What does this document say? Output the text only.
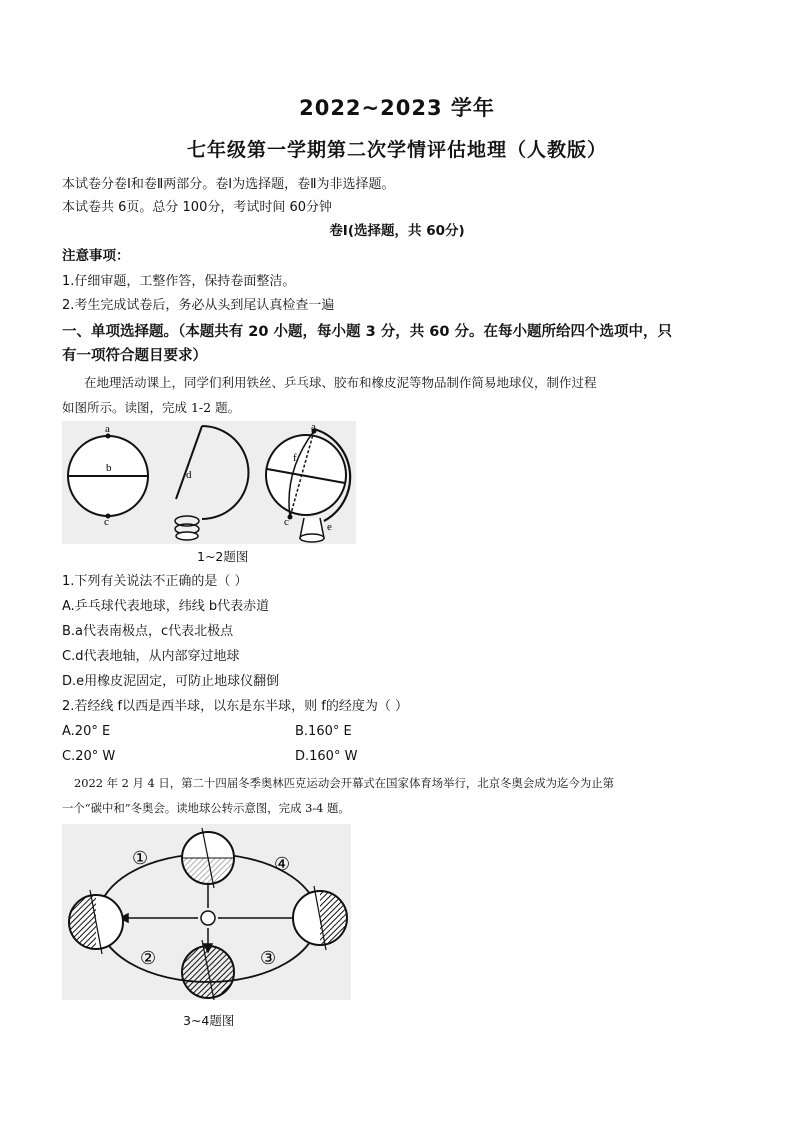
2022~2023 学年
七年级第一学期第二次学情评估地理（人教版）
本试卷分卷Ⅰ和卷Ⅱ两部分。卷Ⅰ为选择题，卷Ⅱ为非选择题。
本试卷共 6页。总分 100分，考试时间 60分钟
卷Ⅰ(选择题，共 60分)
注意事项：
1.仔细审题，工整作答，保持卷面整洁。
2.考生完成试卷后，务必从头到尾认真检查一遍
一、单项选择题。（本题共有 20 小题，每小题 3 分，共 60 分。在每小题所给四个选项中，只
有一项符合题目要求）
在地理活动课上，同学们利用铁丝、乒乓球、胶布和橡皮泥等物品制作简易地球仪，制作过程
如图所示。读图，完成 1-2 题。
a
b
c
d
a
f
c	e
1~2题图
1.下列有关说法不正确的是（ ）
A.乒乓球代表地球，纬线 b代表赤道
B.a代表南极点，c代表北极点
C.d代表地轴，从内部穿过地球
D.e用橡皮泥固定，可防止地球仪翻倒
2.若经线 f以西是西半球，以东是东半球，则 f的经度为（ ）
A.20° E	B.160° E
C.20° W	D.160° W
2022 年 2 月 4 日，第二十四届冬季奥林匹克运动会开幕式在国家体育场举行，北京冬奥会成为迄今为止第
一个“碳中和”冬奥会。读地球公转示意图，完成 3-4 题。
①
②	③
④
3~4题图
